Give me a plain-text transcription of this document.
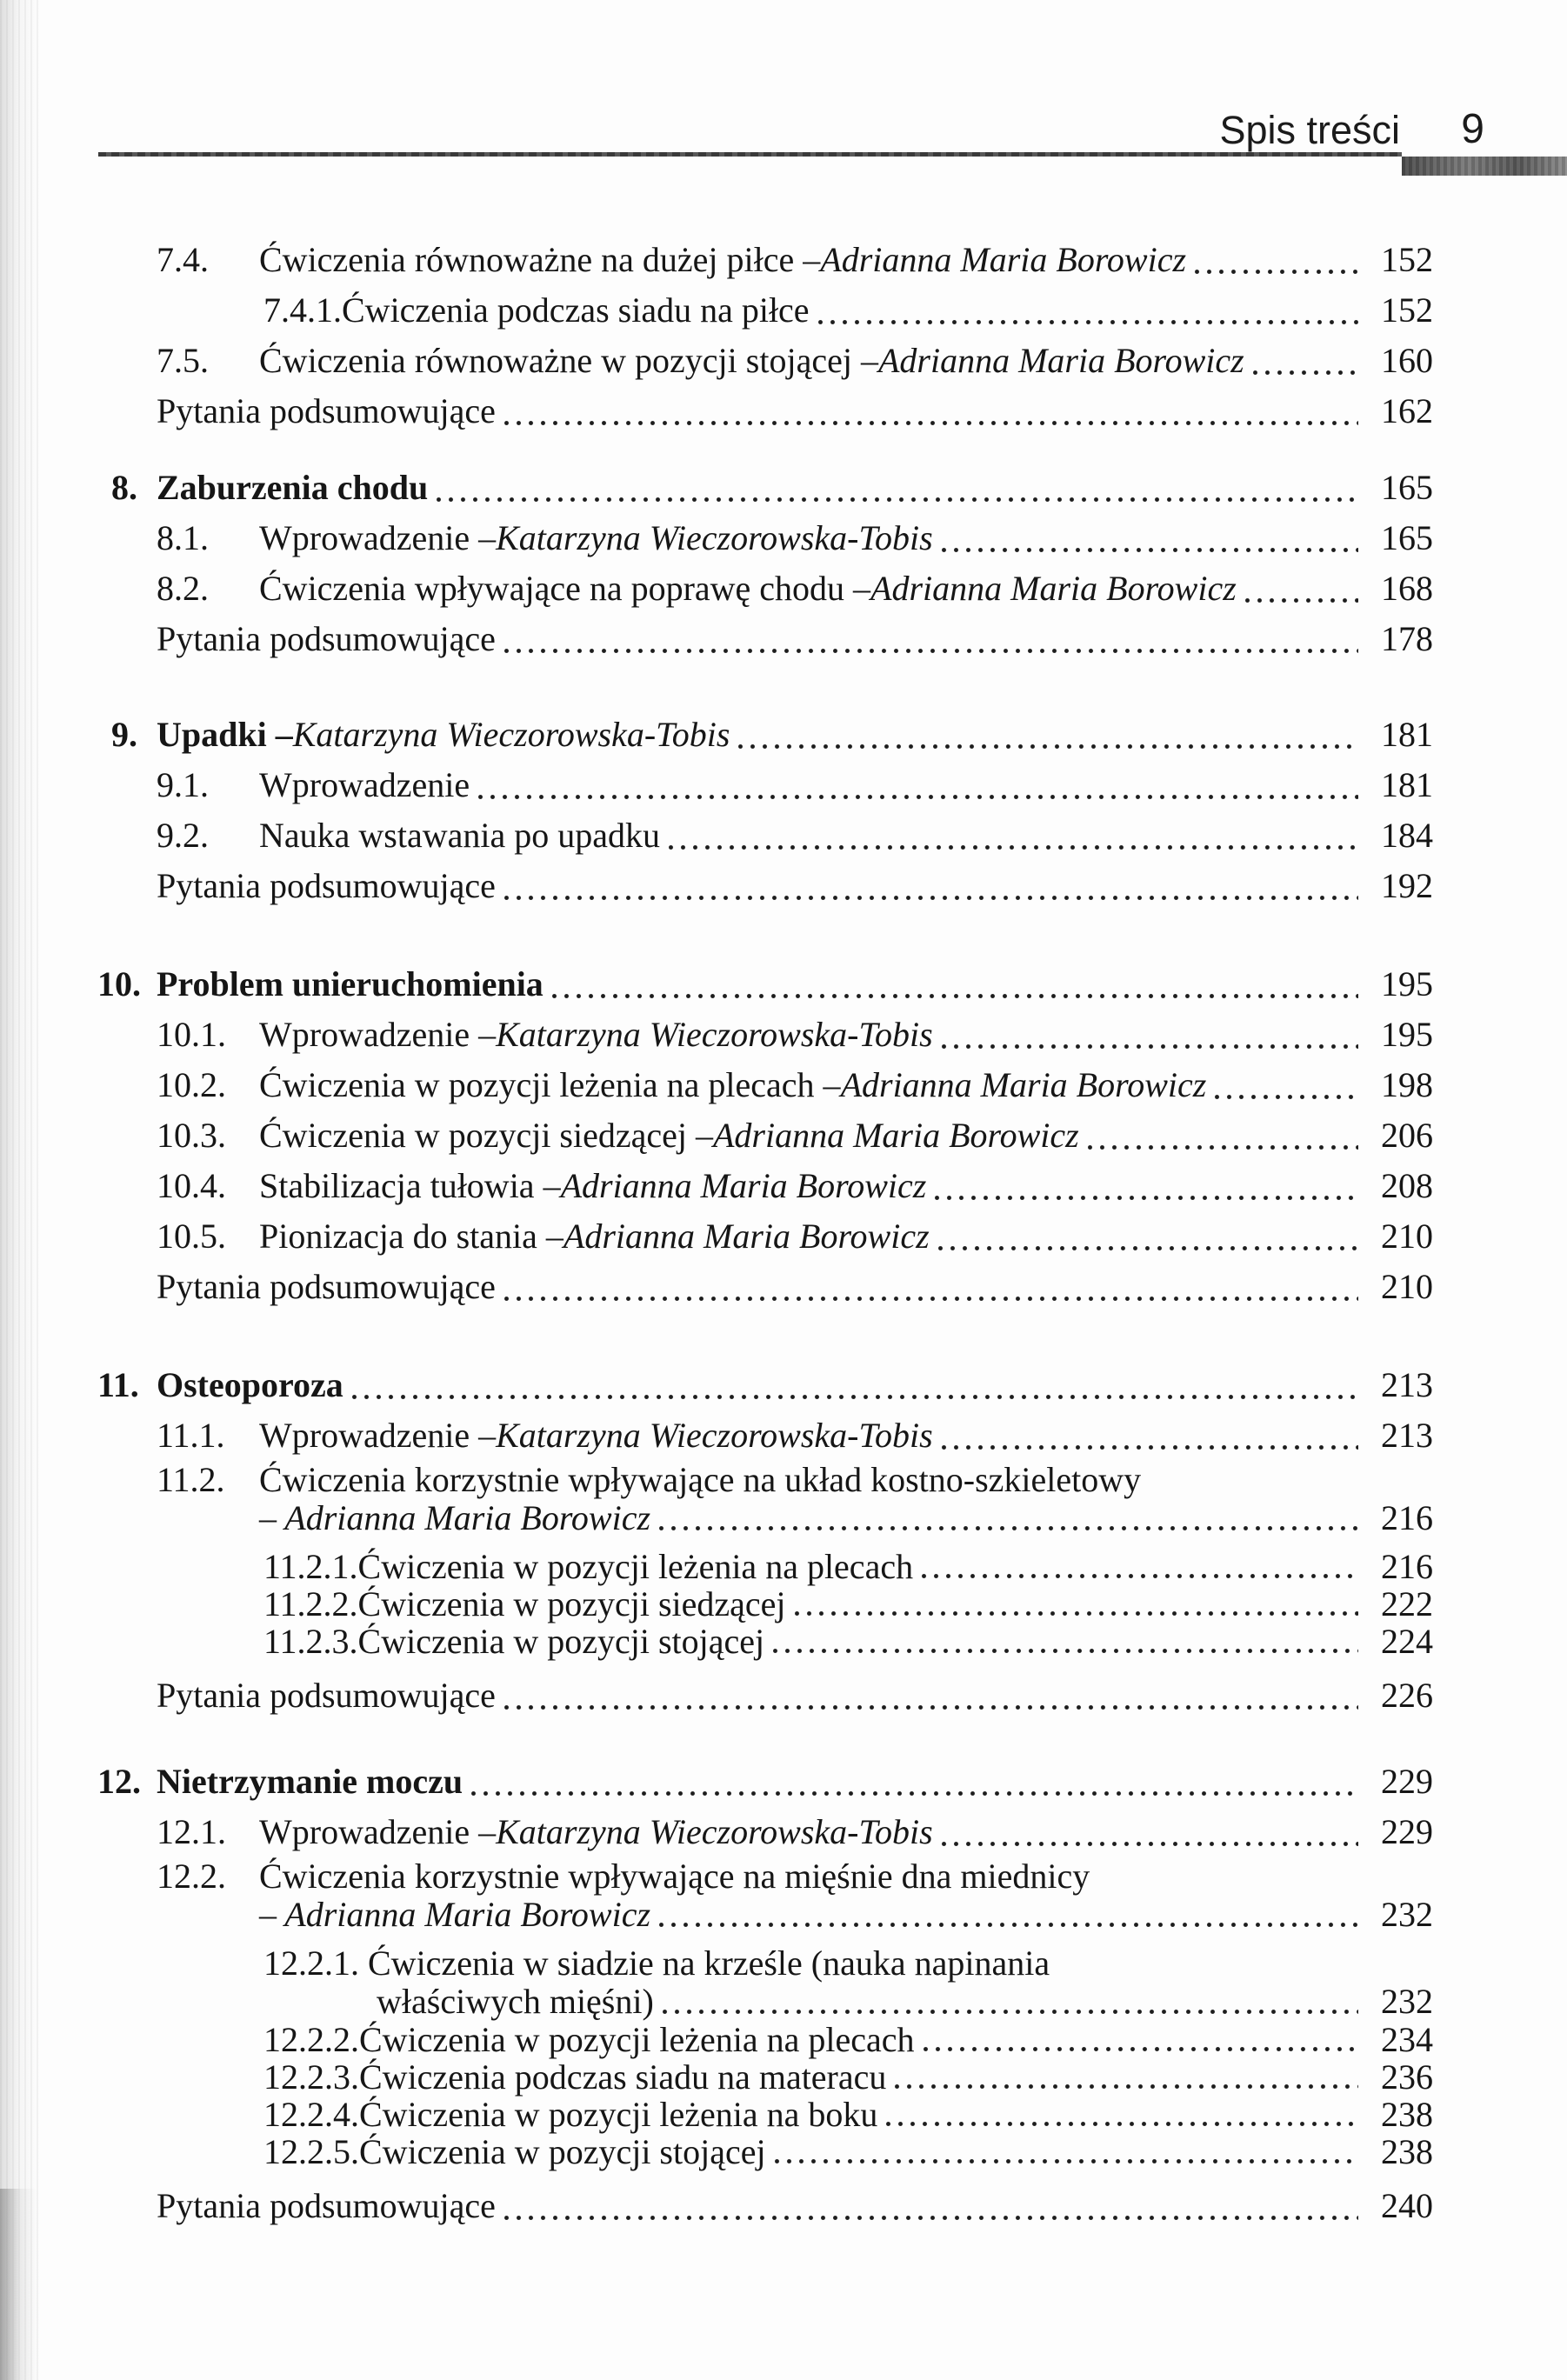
Spis treści 9
7.4.	Ćwiczenia równoważne na dużej piłce – Adrianna Maria Borowicz	152
7.4.1. Ćwiczenia podczas siadu na piłce	152
7.5.	Ćwiczenia równoważne w pozycji stojącej – Adrianna Maria Borowicz	160
Pytania podsumowujące	162
8. Zaburzenia chodu	165
8.1.	Wprowadzenie – Katarzyna Wieczorowska-Tobis	165
8.2.	Ćwiczenia wpływające na poprawę chodu – Adrianna Maria Borowicz	168
Pytania podsumowujące	178
9. Upadki – Katarzyna Wieczorowska-Tobis	181
9.1.	Wprowadzenie	181
9.2.	Nauka wstawania po upadku	184
Pytania podsumowujące	192
10. Problem unieruchomienia	195
10.1. Wprowadzenie – Katarzyna Wieczorowska-Tobis	195
10.2. Ćwiczenia w pozycji leżenia na plecach – Adrianna Maria Borowicz	198
10.3. Ćwiczenia w pozycji siedzącej – Adrianna Maria Borowicz	206
10.4. Stabilizacja tułowia – Adrianna Maria Borowicz	208
10.5. Pionizacja do stania – Adrianna Maria Borowicz	210
Pytania podsumowujące	210
11. Osteoporoza	213
11.1. Wprowadzenie – Katarzyna Wieczorowska-Tobis	213
11.2. Ćwiczenia korzystnie wpływające na układ kostno-szkieletowy
– Adrianna Maria Borowicz	216
11.2.1. Ćwiczenia w pozycji leżenia na plecach	216
11.2.2. Ćwiczenia w pozycji siedzącej	222
11.2.3. Ćwiczenia w pozycji stojącej	224
Pytania podsumowujące	226
12. Nietrzymanie moczu	229
12.1. Wprowadzenie – Katarzyna Wieczorowska-Tobis	229
12.2. Ćwiczenia korzystnie wpływające na mięśnie dna miednicy
– Adrianna Maria Borowicz	232
12.2.1. Ćwiczenia w siadzie na krześle (nauka napinania
właściwych mięśni)	232
12.2.2. Ćwiczenia w pozycji leżenia na plecach	234
12.2.3. Ćwiczenia podczas siadu na materacu	236
12.2.4. Ćwiczenia w pozycji leżenia na boku	238
12.2.5. Ćwiczenia w pozycji stojącej	238
Pytania podsumowujące	240
